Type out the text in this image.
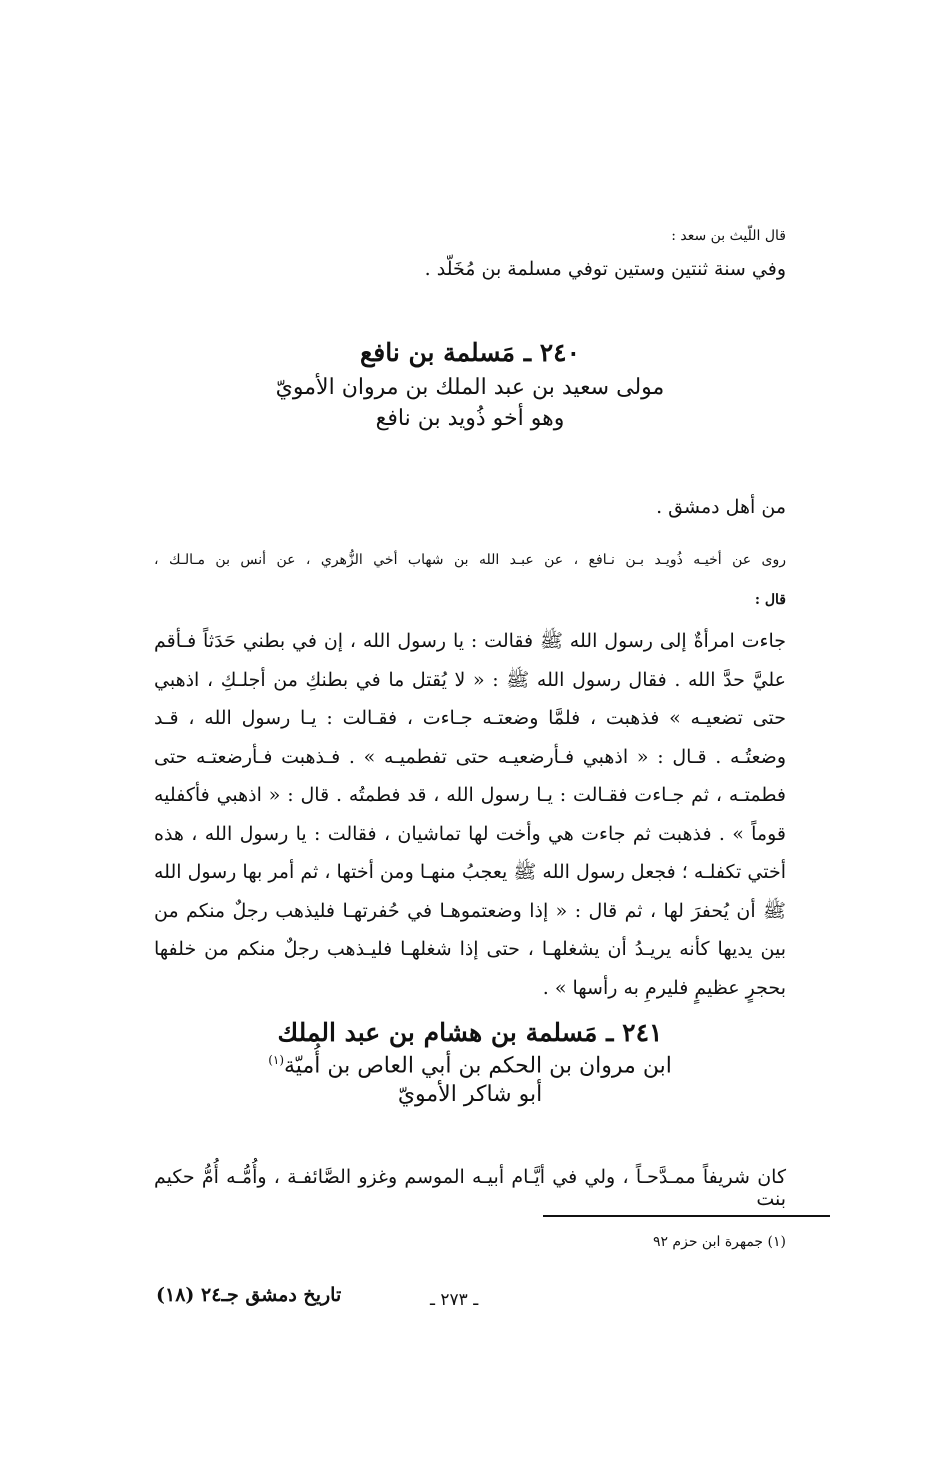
قال اللّيث بن سعد :

وفي سنة ثنتين وستين توفي مسلمة بن مُخَلّد .

٢٤٠ ـ مَسلمة بن نافع

مولى سعيد بن عبد الملك بن مروان الأمويّ

وهو أخو ذُويد بن نافع

من أهل دمشق .

روى عن أخيـه ذُويـد بـن نـافع ، عن عبـد الله بن شهاب أخي الزُّهري ، عن أنس بن مـالـك ،

قال :

جاءت امرأةٌ إلى رسول الله ﷺ فقالت : يا رسول الله ، إن في بطني حَدَثاً فـأقم عليَّ حدَّ الله . فقال رسول الله ﷺ : « لا يُقتل ما في بطنكِ من أجلـكِ ، اذهبي حتى تضعيـه » فذهبت ، فلمَّا وضعتـه جـاءت ، فقـالت : يـا رسول الله ، قـد وضعتُـه . قـال : « اذهبي فـأرضعيـه حتى تفطميـه » . فـذهبت فـأرضعتـه حتى فطمتـه ، ثم جـاءت فقـالت : يـا رسول الله ، قد فطمتُه . قال : « اذهبي فأكفليه قوماً » . فذهبت ثم جاءت هي وأخت لها تماشيان ، فقالت : يا رسول الله ، هذه أختي تكفلـه ؛ فجعل رسول الله ﷺ يعجبُ منهـا ومن أختها ، ثم أمر بها رسول الله ﷺ أن يُحفرَ لها ، ثم قال : « إذا وضعتموهـا في حُفرتهـا فليذهب رجلٌ منكم من بين يديها كأنه يريـدُ أن يشغلهـا ، حتى إذا شغلهـا فليـذهب رجلٌ منكم من خلفها بحجرٍ عظيمٍ فليرمِ به رأسها » .

٢٤١ ـ مَسلمة بن هشام بن عبد الملك

ابن مروان بن الحكم بن أبي العاص بن أُميّة$^{(١)}$

أبو شاكر الأمويّ

كان شريفاً ممـدَّحـاً ، ولي في أيَّـام أبيـه الموسم وغزو الصَّائفـة ، وأُمُّـه أُمُّ حكيم بنت

(١) جمهرة ابن حزم ٩٢

ـ ٢٧٣ ـ
تاريخ دمشق جـ٢٤ (١٨)
